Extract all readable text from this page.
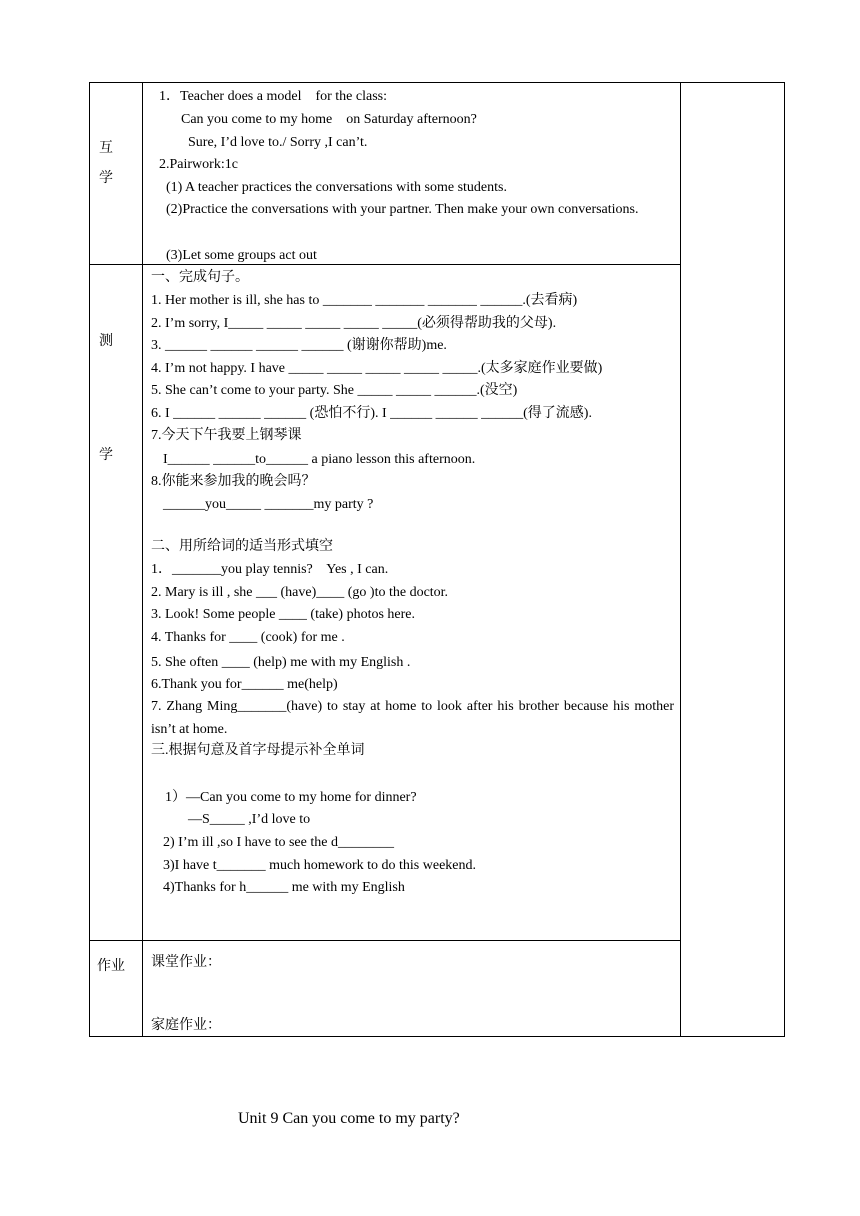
互
学
测
学
作业
1．Teacher does a model    for the class:
Can you come to my home    on Saturday afternoon?
Sure, I’d love to./ Sorry ,I can’t.
2.Pairwork:1c
(1) A teacher practices the conversations with some students.
(2)Practice the conversations with your partner. Then make your own conversations.
(3)Let some groups act out
一、完成句子。
1. Her mother is ill, she has to _______ _______ _______ ______.(去看病)
2. I’m sorry, I_____ _____ _____ _____ _____(必须得帮助我的父母).
3. ______ ______ ______ ______ (谢谢你帮助)me.
4. I’m not happy. I have _____ _____ _____ _____ _____.(太多家庭作业要做)
5. She can’t come to your party. She _____ _____ ______.(没空)
6. I ______ ______ ______ (恐怕不行). I ______ ______ ______(得了流感).
7.今天下午我要上钢琴课
I______ ______to______ a piano lesson this afternoon.
8.你能来参加我的晚会吗？
______you_____ _______my party ?
二、用所给词的适当形式填空
1．_______you play tennis?    Yes , I can.
2. Mary is ill , she ___ (have)____ (go )to the doctor.
3. Look! Some people ____ (take) photos here.
4. Thanks for ____ (cook) for me .
5. She often ____ (help) me with my English .
6.Thank you for______ me(help)
7. Zhang Ming_______(have) to stay at home to look after his brother because his mother isn’t at home.
三.根据句意及首字母提示补全单词
1）—Can you come to my home for dinner?
—S_____ ,I’d love to
2) I’m ill ,so I have to see the d________
3)I have t_______ much homework to do this weekend.
4)Thanks for h______ me with my English
课堂作业：
家庭作业：
Unit 9 Can you come to my party?
